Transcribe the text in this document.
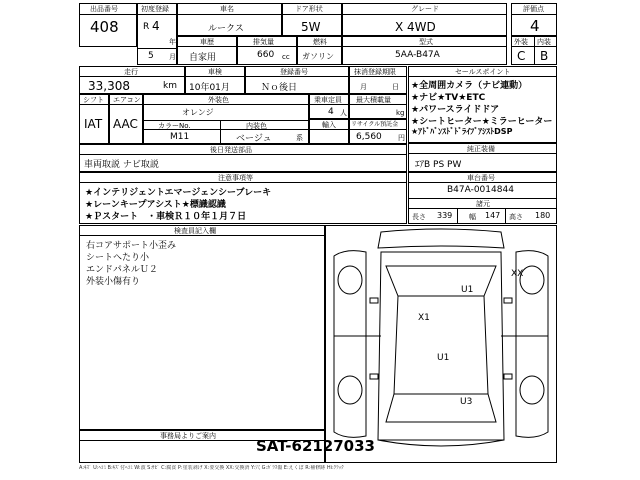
出品番号
408
初度登録
R 4
年
5 月
車名
ルークス
ドア形状
5W
グレード
X 4WD
評価点
4
車歴
自家用
排気量
660 cc
燃料
ガソリン
型式
5AA-B47A
外装 内装
C B
走行
33,308	km
車検
10年01月
登録番号
Ｎｏ後日
抹消登録期限
月	日
セールスポイント
★全周囲カメラ（ナビ連動）
★ナビ★TV★ETC
★パワースライドドア
★シートヒーター★ミラーヒーター
★ｱﾄﾞﾊﾞﾝｽﾄﾞﾄﾞﾗｲﾌﾞｱｼｽﾄDSP
シフト
IAT
エアコン
AAC
外装色
オレンジ
カラーNo.	内装色
M11	ベージュ	系
乗車定員
4 人
最大積載量
kg
輸入	リサイクル預託金
6,560 円
後日発送部品
車両取説 ナビ取説
純正装備
ｴｱB PS PW
注意事項等
★インテリジェントエマージェンシーブレーキ
★レーンキープアシスト★標識認識
★Ｐスタート　・車検Ｒ１０年１月７日
車台番号
B47A-0014844
諸元
長さ 339 幅 147 高さ 180
検査員記入欄
右コアサポート小歪み
シートへたり小
エンドパネルＵ２
外装小傷有り
XX
U1
X1
U1
U3
事務局よりご案内
SAT-62127033
A:ｷｽﾞ U:ﾍｺﾐ B:ｷｽﾞ付ﾍｺﾐ W:波 S:ｻﾋﾞ C:腐食 P:塗装剥げ X:要交換 XX:交換済 Y:穴 G:ｶﾞﾗｽ傷 E:えくぼ R:補修跡 Hi:ｸﾗｯｸ
